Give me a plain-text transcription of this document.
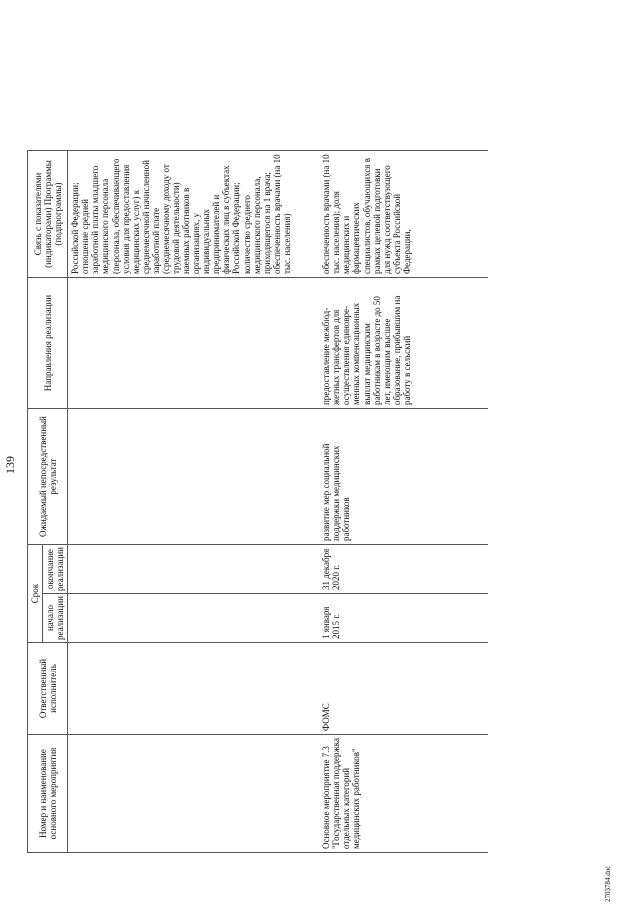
139
Номер и наименование основного мероприятия	Ответственный исполнитель	Срок		Ожидаемый непосредственный результат	Направления реализации	Связь с показателями (индикаторами) Программы (подпрограммы)
		начало реализации	окончание реализации			
						Российской Федерации; отношение средней заработной платы младшего медицинского персонала (персонала, обеспечивающего условия для предоставления медицинских услуг) к среднемесячной начисленной заработной плате (среднемесячному доходу от трудовой деятельности) наемных работников в организациях, у индивидуальных предпринимателей и физических лиц в субъектах Российской Федерации; количество среднего медицинского персонала, приходящегося на 1 врача; обеспеченность врачами (на 10 тыс. населения)
Основное мероприятие 7.3 "Государственная поддержка отдельных категорий медицинских работников"	ФОМС	1 января 2015 г.	31 декабря 2020 г.	развитие мер социальной поддержки медицинских работников	предоставление межбюд-жетных трансфертов для осуществления единовре-менных компенсационных выплат медицинским работникам в возрасте до 50 лет, имеющим высшее образование, прибывшим на работу в сельский	обеспеченность врачами (на 10 тыс. населения); доля медицинских и фармацевтических специалистов, обучающихся в рамках целевой подготовки для нужд соответствующего субъекта Российской Федерации,
2703784.doc
